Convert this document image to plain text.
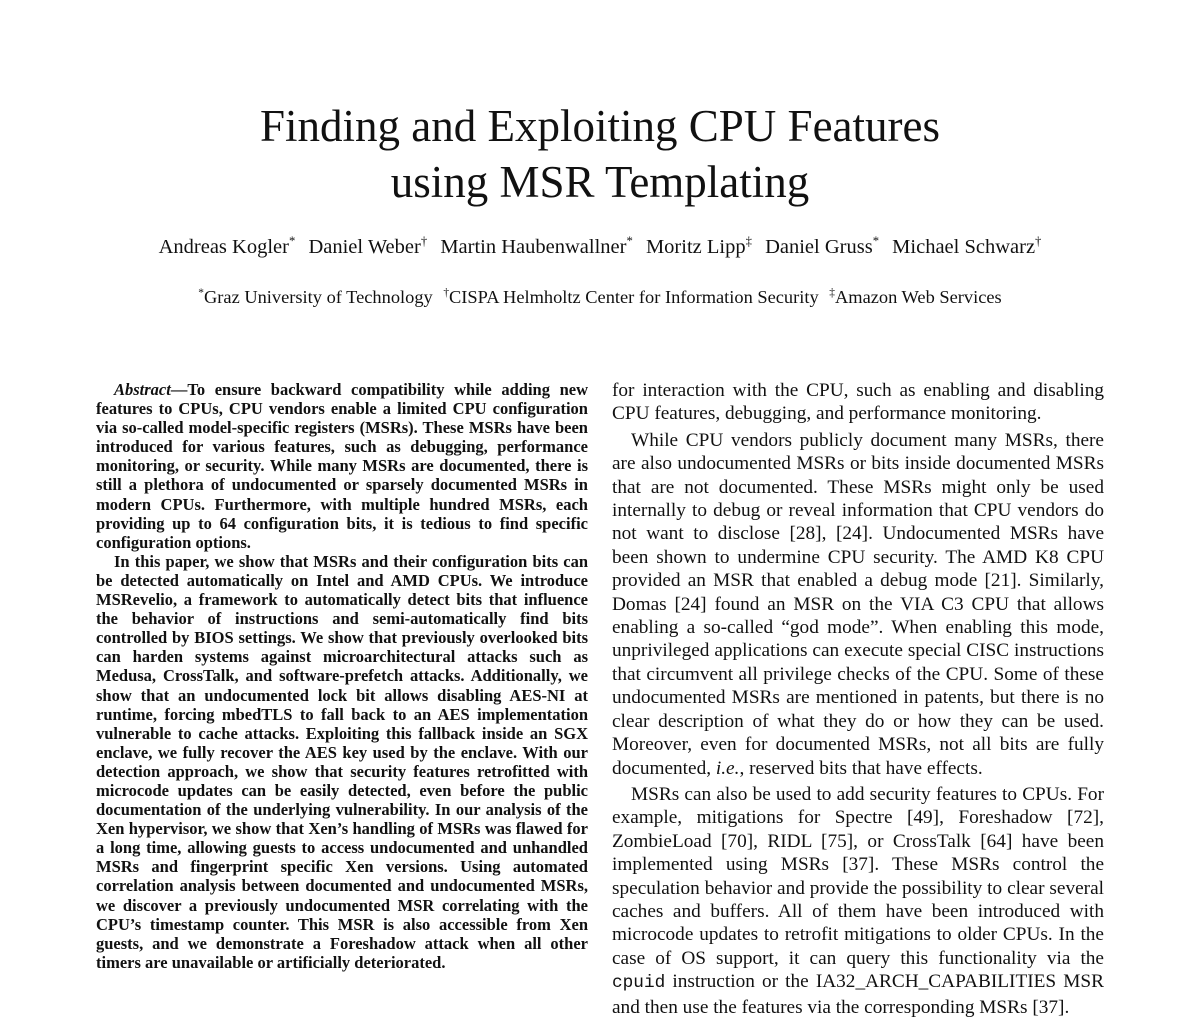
Finding and Exploiting CPU Features
using MSR Templating
Andreas Kogler* Daniel Weber† Martin Haubenwallner* Moritz Lipp‡ Daniel Gruss* Michael Schwarz†
*Graz University of Technology †CISPA Helmholtz Center for Information Security ‡Amazon Web Services

Abstract—To ensure backward compatibility while adding new features to CPUs, CPU vendors enable a limited CPU configuration via so-called model-specific registers (MSRs). These MSRs have been introduced for various features, such as debugging, performance monitoring, or security. While many MSRs are documented, there is still a plethora of undocumented or sparsely documented MSRs in modern CPUs. Furthermore, with multiple hundred MSRs, each providing up to 64 configuration bits, it is tedious to find specific configuration options.

In this paper, we show that MSRs and their configuration bits can be detected automatically on Intel and AMD CPUs. We introduce MSRevelio, a framework to automatically detect bits that influence the behavior of instructions and semi-automatically find bits controlled by BIOS settings. We show that previously overlooked bits can harden systems against microarchitectural attacks such as Medusa, CrossTalk, and software-prefetch attacks. Additionally, we show that an undocumented lock bit allows disabling AES-NI at runtime, forcing mbedTLS to fall back to an AES implementation vulnerable to cache attacks. Exploiting this fallback inside an SGX enclave, we fully recover the AES key used by the enclave. With our detection approach, we show that security features retrofitted with microcode updates can be easily detected, even before the public documentation of the underlying vulnerability. In our analysis of the Xen hypervisor, we show that Xen’s handling of MSRs was flawed for a long time, allowing guests to access undocumented and unhandled MSRs and fingerprint specific Xen versions. Using automated correlation analysis between documented and undocumented MSRs, we discover a previously undocumented MSR correlating with the CPU’s timestamp counter. This MSR is also accessible from Xen guests, and we demonstrate a Foreshadow attack when all other timers are unavailable or artificially deteriorated.

for interaction with the CPU, such as enabling and disabling CPU features, debugging, and performance monitoring.

While CPU vendors publicly document many MSRs, there are also undocumented MSRs or bits inside documented MSRs that are not documented. These MSRs might only be used internally to debug or reveal information that CPU vendors do not want to disclose [28], [24]. Undocumented MSRs have been shown to undermine CPU security. The AMD K8 CPU provided an MSR that enabled a debug mode [21]. Similarly, Domas [24] found an MSR on the VIA C3 CPU that allows enabling a so-called “god mode”. When enabling this mode, unprivileged applications can execute special CISC instructions that circumvent all privilege checks of the CPU. Some of these undocumented MSRs are mentioned in patents, but there is no clear description of what they do or how they can be used. Moreover, even for documented MSRs, not all bits are fully documented, i.e., reserved bits that have effects.

MSRs can also be used to add security features to CPUs. For example, mitigations for Spectre [49], Foreshadow [72], ZombieLoad [70], RIDL [75], or CrossTalk [64] have been implemented using MSRs [37]. These MSRs control the speculation behavior and provide the possibility to clear several caches and buffers. All of them have been introduced with microcode updates to retrofit mitigations to older CPUs. In the case of OS support, it can query this functionality via the cpuid instruction or the IA32_ARCH_CAPABILITIES MSR and then use the features via the corresponding MSRs [37].
